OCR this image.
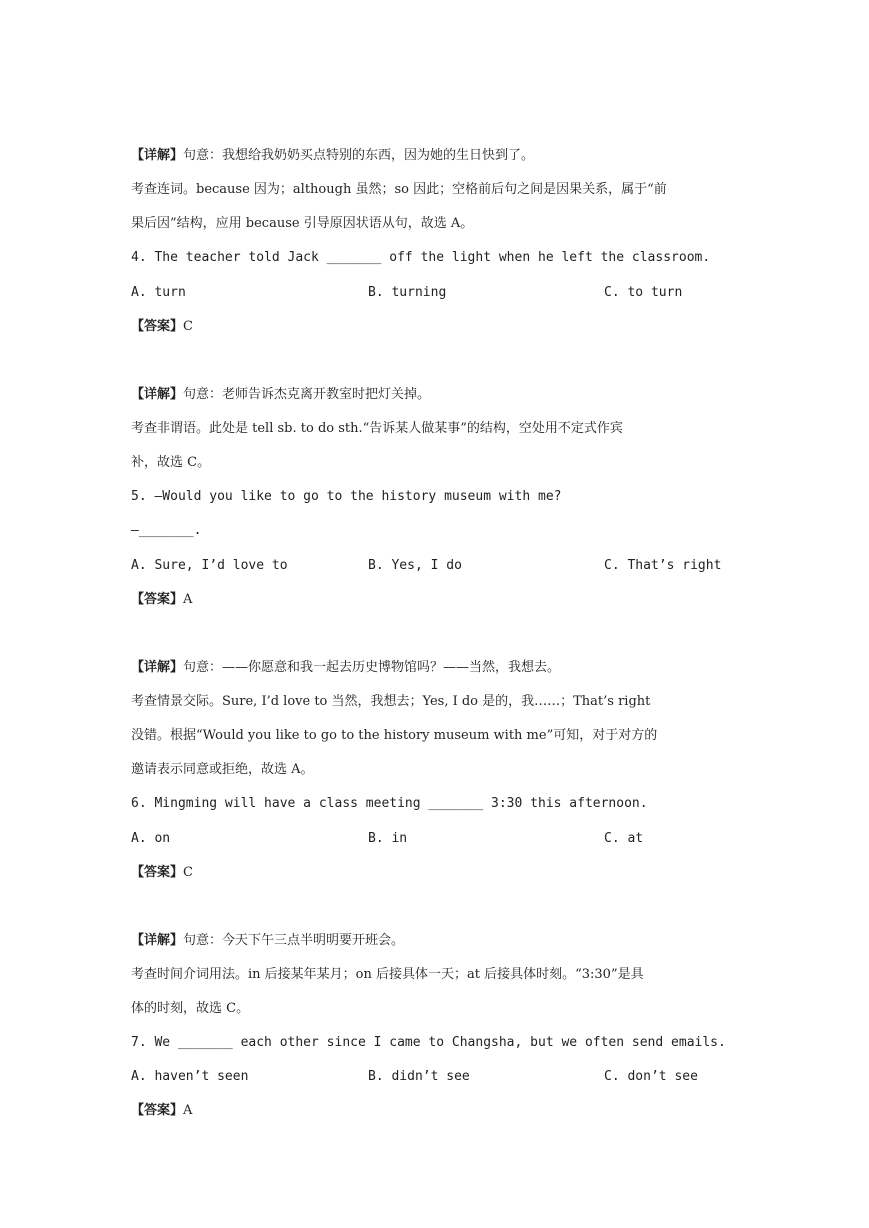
【详解】句意：我想给我奶奶买点特别的东西，因为她的生日快到了。
考查连词。because 因为；although 虽然；so 因此；空格前后句之间是因果关系，属于“前
果后因”结构，应用 because 引导原因状语从句，故选 A。
4. The teacher told Jack _______ off the light when he left the classroom.
A. turn	B. turning	C. to turn
【答案】C
【详解】句意：老师告诉杰克离开教室时把灯关掉。
考查非谓语。此处是 tell sb. to do sth.“告诉某人做某事”的结构，空处用不定式作宾
补，故选 C。
5. —Would you like to go to the history museum with me?
—_______.
A. Sure, I’d love to	B. Yes, I do	C. That’s right
【答案】A
【详解】句意：——你愿意和我一起去历史博物馆吗？——当然，我想去。
考查情景交际。Sure, I’d love to 当然，我想去；Yes, I do 是的，我……；That’s right
没错。根据“Would you like to go to the history museum with me”可知，对于对方的
邀请表示同意或拒绝，故选 A。
6. Mingming will have a class meeting _______ 3:30 this afternoon.
A. on	B. in	C. at
【答案】C
【详解】句意：今天下午三点半明明要开班会。
考查时间介词用法。in 后接某年某月；on 后接具体一天；at 后接具体时刻。“3:30”是具
体的时刻，故选 C。
7. We _______ each other since I came to Changsha, but we often send emails.
A. haven’t seen	B. didn’t see	C. don’t see
【答案】A
